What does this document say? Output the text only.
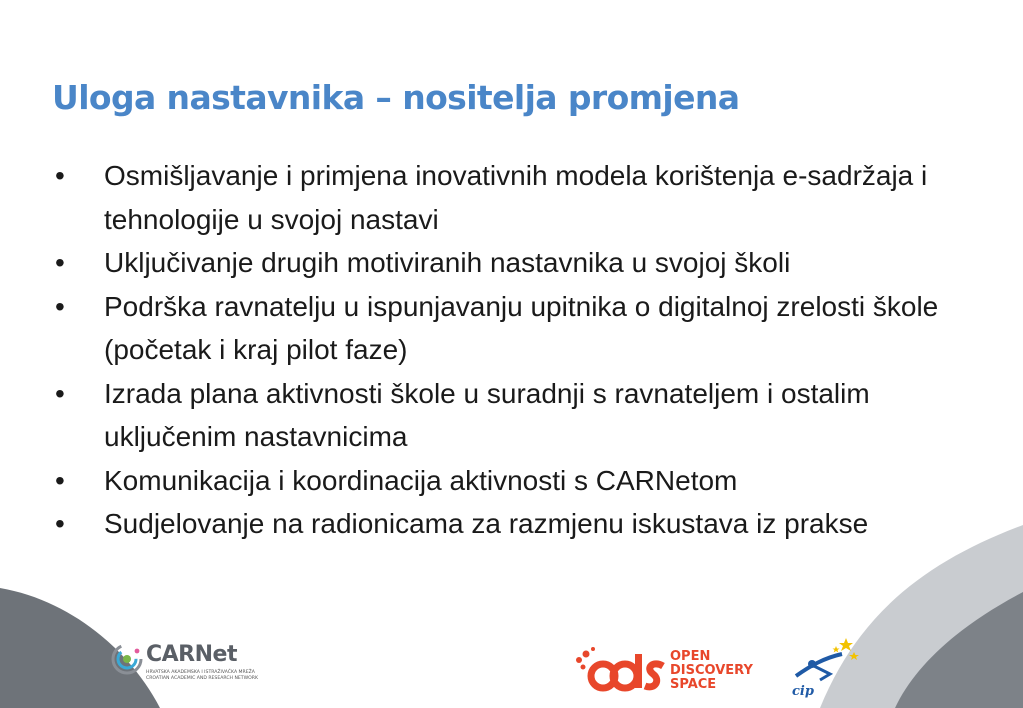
Uloga nastavnika – nositelja promjena
• Osmišljavanje i primjena inovativnih modela korištenja e-sadržaja i tehnologije u svojoj nastavi
• Uključivanje drugih motiviranih nastavnika u svojoj školi
• Podrška ravnatelju u ispunjavanju upitnika o digitalnoj zrelosti škole (početak i kraj pilot faze)
• Izrada plana aktivnosti škole u suradnji s ravnateljem i ostalim uključenim nastavnicima
• Komunikacija i koordinacija aktivnosti s CARNetom
• Sudjelovanje na radionicama za razmjenu iskustava iz prakse
CARNet
HRVATSKA AKADEMSKA I ISTRAŽIVAČKA MREŽA
CROATIAN ACADEMIC AND RESEARCH NETWORK
OPEN
DISCOVERY
SPACE	cip
